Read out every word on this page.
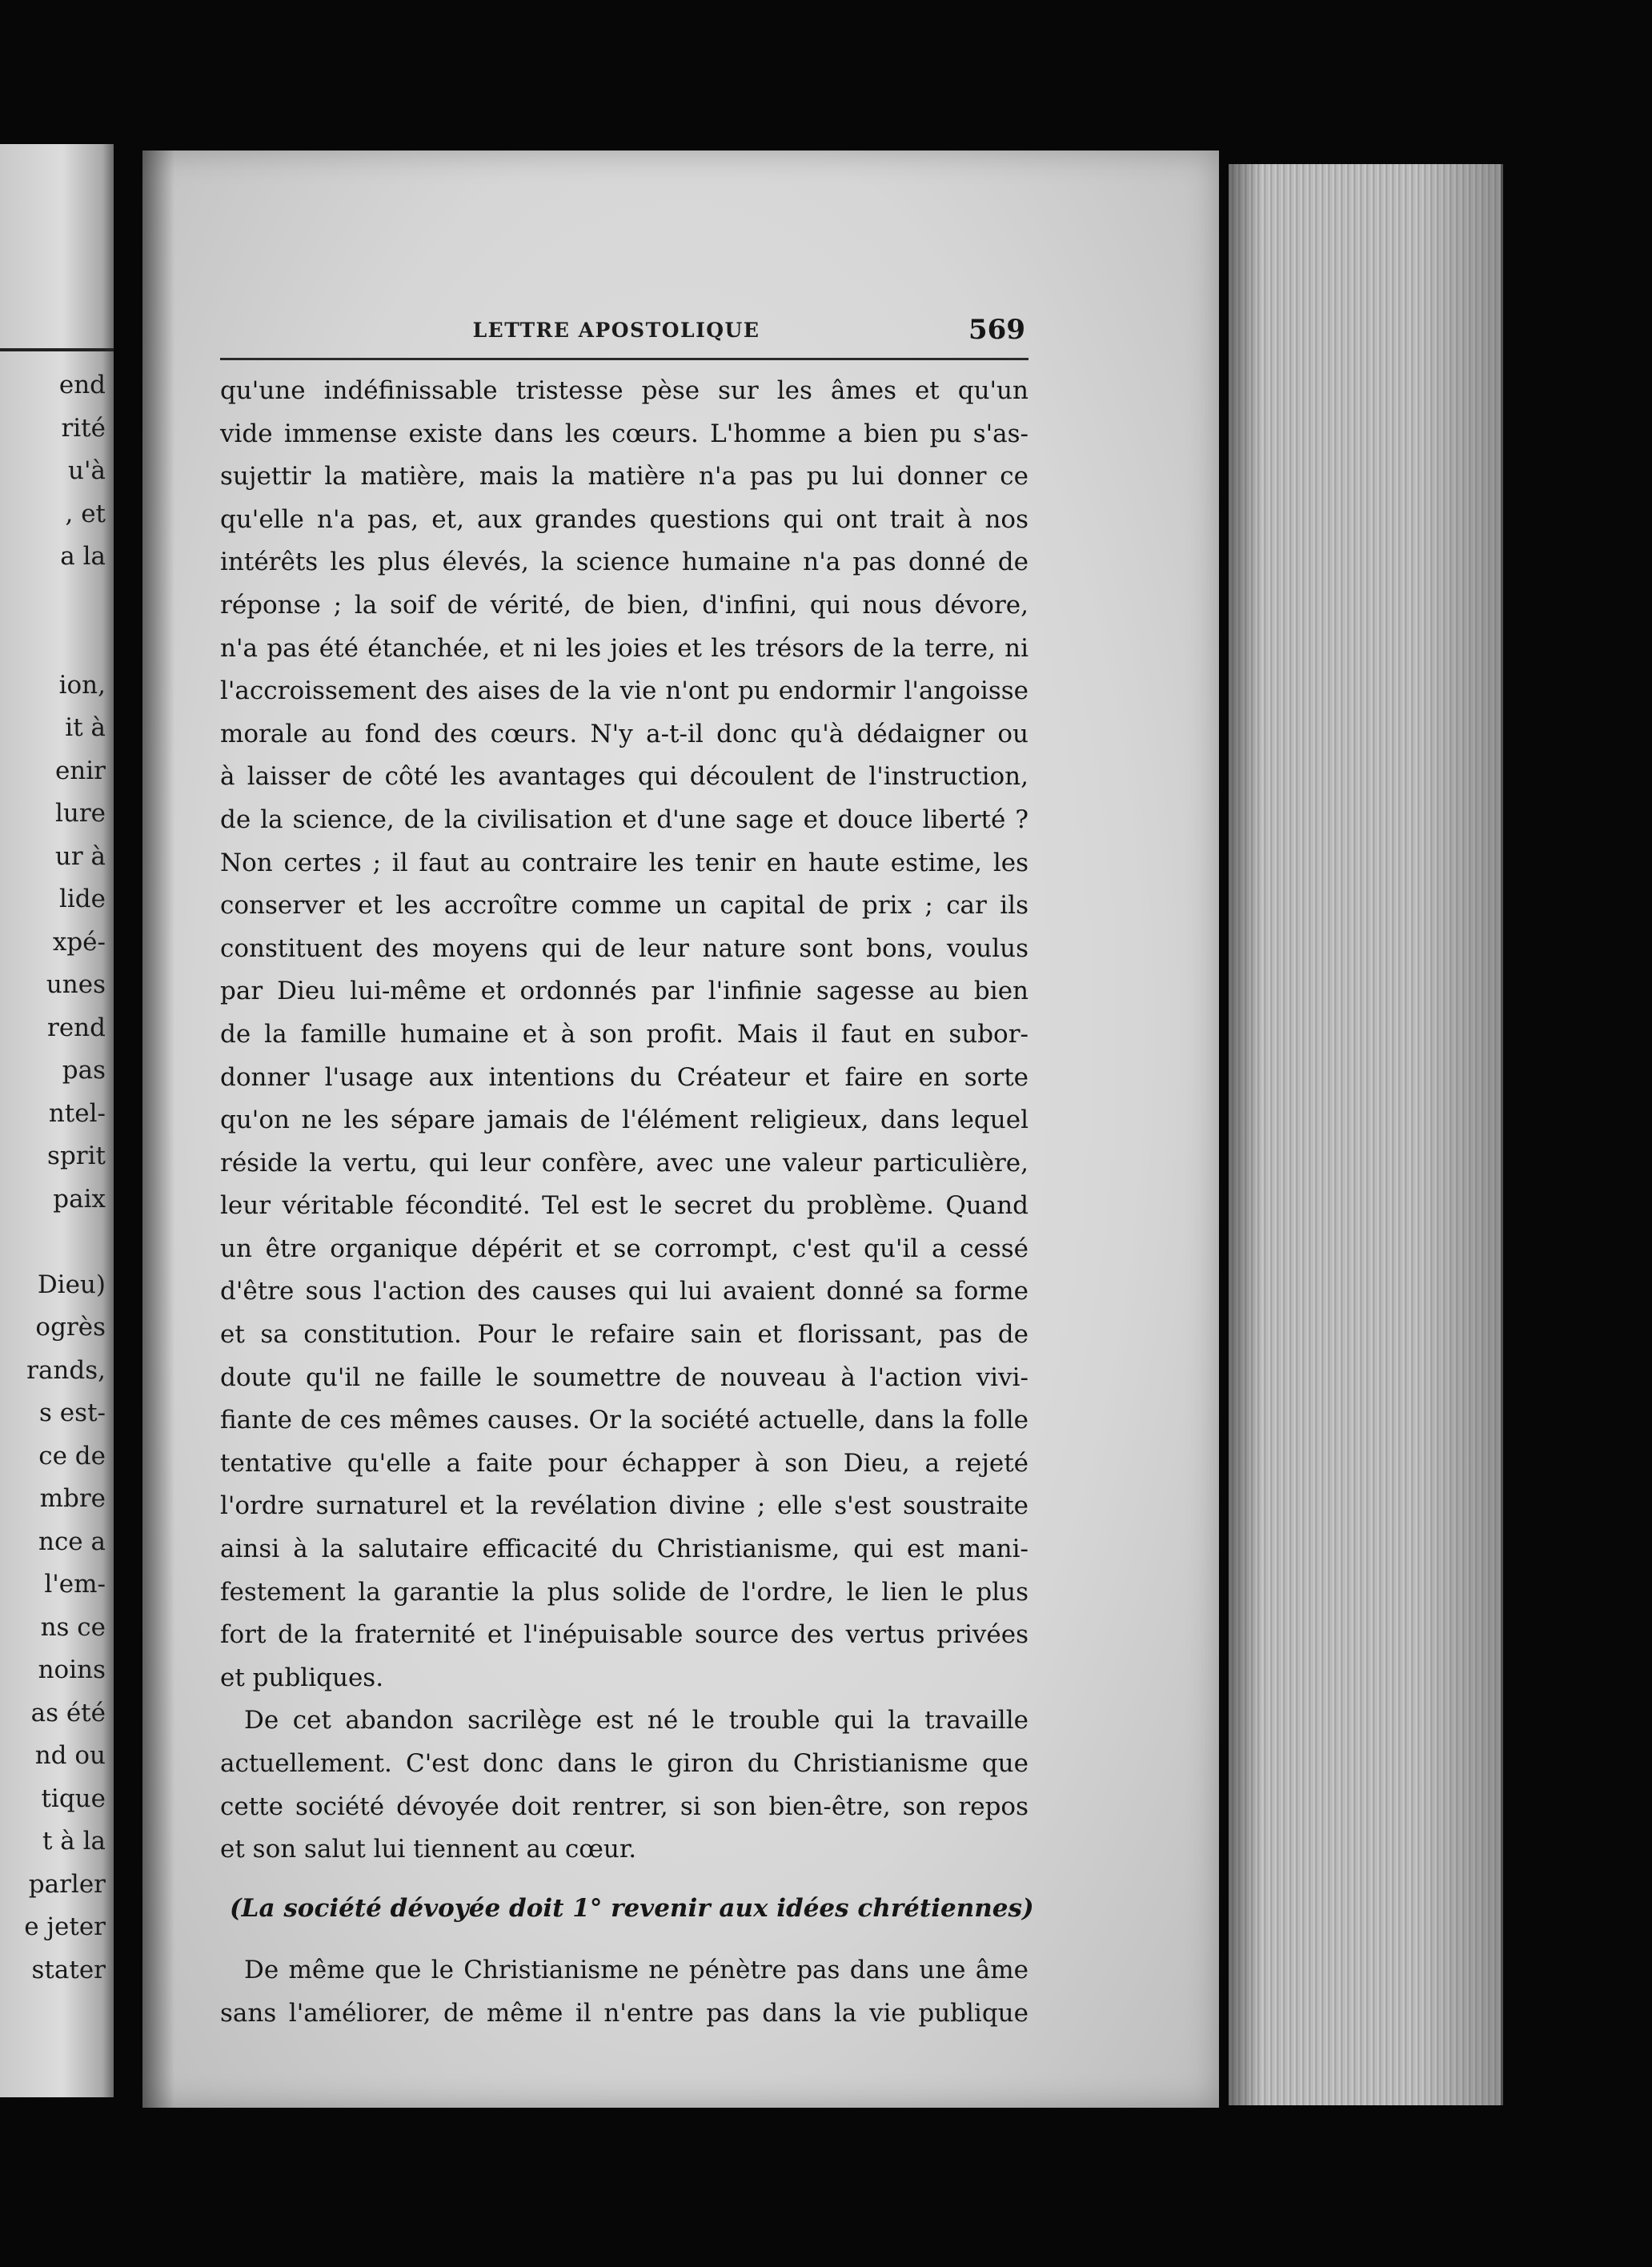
end
rité
u'à
, et
a la
ion,
it à
enir
lure
ur à
lide
xpé-
unes
rend
pas
ntel-
sprit
paix
Dieu)
ogrès
rands,
s est-
ce de
mbre
nce a
l'em-
ns ce
noins
as été
nd ou
tique
t à la
parler
e jeter
stater
LETTRE APOSTOLIQUE	569
qu'une indéfinissable tristesse pèse sur les âmes et qu'un
vide immense existe dans les cœurs. L'homme a bien pu s'as-
sujettir la matière, mais la matière n'a pas pu lui donner ce
qu'elle n'a pas, et, aux grandes questions qui ont trait à nos
intérêts les plus élevés, la science humaine n'a pas donné de
réponse ; la soif de vérité, de bien, d'infini, qui nous dévore,
n'a pas été étanchée, et ni les joies et les trésors de la terre, ni
l'accroissement des aises de la vie n'ont pu endormir l'angoisse
morale au fond des cœurs. N'y a-t-il donc qu'à dédaigner ou
à laisser de côté les avantages qui découlent de l'instruction,
de la science, de la civilisation et d'une sage et douce liberté ?
Non certes ; il faut au contraire les tenir en haute estime, les
conserver et les accroître comme un capital de prix ; car ils
constituent des moyens qui de leur nature sont bons, voulus
par Dieu lui-même et ordonnés par l'infinie sagesse au bien
de la famille humaine et à son profit. Mais il faut en subor-
donner l'usage aux intentions du Créateur et faire en sorte
qu'on ne les sépare jamais de l'élément religieux, dans lequel
réside la vertu, qui leur confère, avec une valeur particulière,
leur véritable fécondité. Tel est le secret du problème. Quand
un être organique dépérit et se corrompt, c'est qu'il a cessé
d'être sous l'action des causes qui lui avaient donné sa forme
et sa constitution. Pour le refaire sain et florissant, pas de
doute qu'il ne faille le soumettre de nouveau à l'action vivi-
fiante de ces mêmes causes. Or la société actuelle, dans la folle
tentative qu'elle a faite pour échapper à son Dieu, a rejeté
l'ordre surnaturel et la revélation divine ; elle s'est soustraite
ainsi à la salutaire efficacité du Christianisme, qui est mani-
festement la garantie la plus solide de l'ordre, le lien le plus
fort de la fraternité et l'inépuisable source des vertus privées
et publiques.
De cet abandon sacrilège est né le trouble qui la travaille
actuellement. C'est donc dans le giron du Christianisme que
cette société dévoyée doit rentrer, si son bien-être, son repos
et son salut lui tiennent au cœur.
(La société dévoyée doit 1° revenir aux idées chrétiennes)
De même que le Christianisme ne pénètre pas dans une âme
sans l'améliorer, de même il n'entre pas dans la vie publique
